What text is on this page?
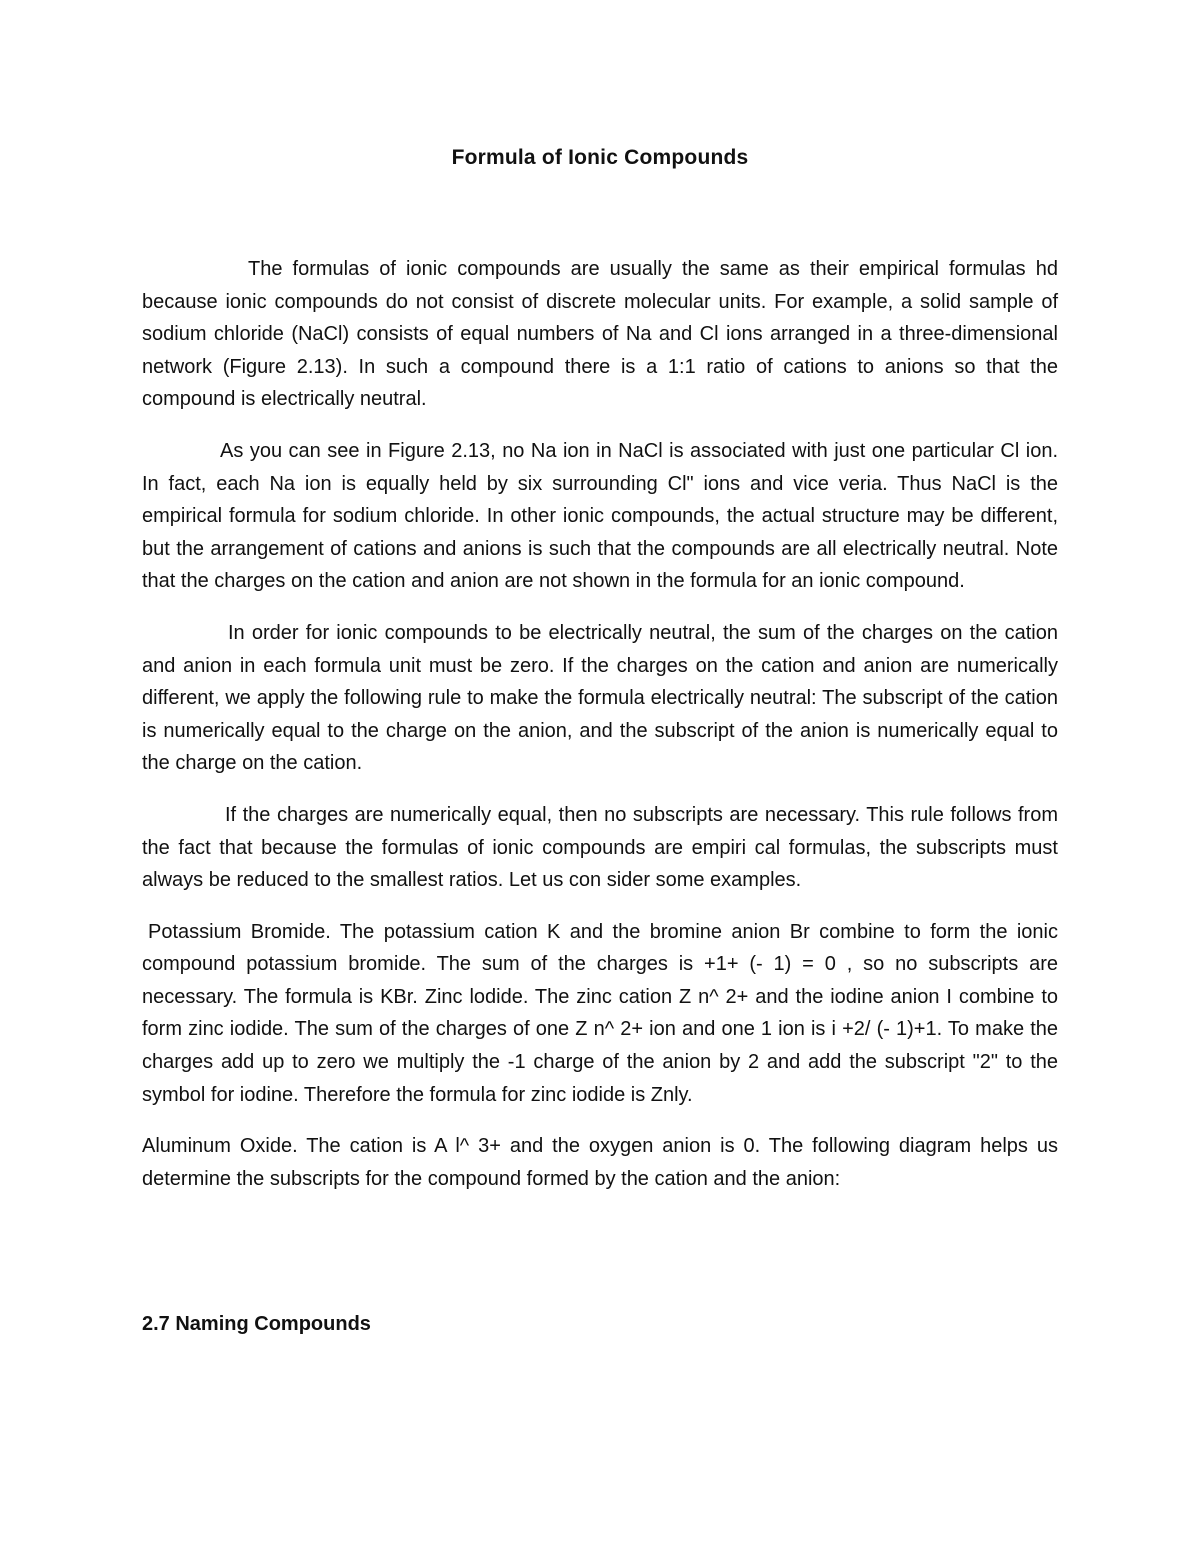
Formula of Ionic Compounds

The formulas of ionic compounds are usually the same as their empirical formulas hd because ionic compounds do not consist of discrete molecular units. For example, a solid sample of sodium chloride (NaCl) consists of equal numbers of Na and Cl ions arranged in a three-dimensional network (Figure 2.13). In such a compound there is a 1:1 ratio of cations to anions so that the compound is electrically neutral.

As you can see in Figure 2.13, no Na ion in NaCl is associated with just one particular Cl ion. In fact, each Na ion is equally held by six surrounding Cl" ions and vice veria. Thus NaCl is the empirical formula for sodium chloride. In other ionic compounds, the actual structure may be different, but the arrangement of cations and anions is such that the compounds are all electrically neutral. Note that the charges on the cation and anion are not shown in the formula for an ionic compound.

In order for ionic compounds to be electrically neutral, the sum of the charges on the cation and anion in each formula unit must be zero. If the charges on the cation and anion are numerically different, we apply the following rule to make the formula electrically neutral: The subscript of the cation is numerically equal to the charge on the anion, and the subscript of the anion is numerically equal to the charge on the cation.

If the charges are numerically equal, then no subscripts are necessary. This rule follows from the fact that because the formulas of ionic compounds are empiri cal formulas, the subscripts must always be reduced to the smallest ratios. Let us con sider some examples.

Potassium Bromide. The potassium cation K and the bromine anion Br combine to form the ionic compound potassium bromide. The sum of the charges is +1+ (- 1) = 0 , so no subscripts are necessary. The formula is KBr. Zinc lodide. The zinc cation Z n^ 2+ and the iodine anion I combine to form zinc iodide. The sum of the charges of one Z n^ 2+ ion and one 1 ion is i +2/ (- 1)+1. To make the charges add up to zero we multiply the -1 charge of the anion by 2 and add the subscript "2" to the symbol for iodine. Therefore the formula for zinc iodide is Znly.

Aluminum Oxide. The cation is A l^ 3+ and the oxygen anion is 0. The following diagram helps us determine the subscripts for the compound formed by the cation and the anion:

2.7 Naming Compounds
